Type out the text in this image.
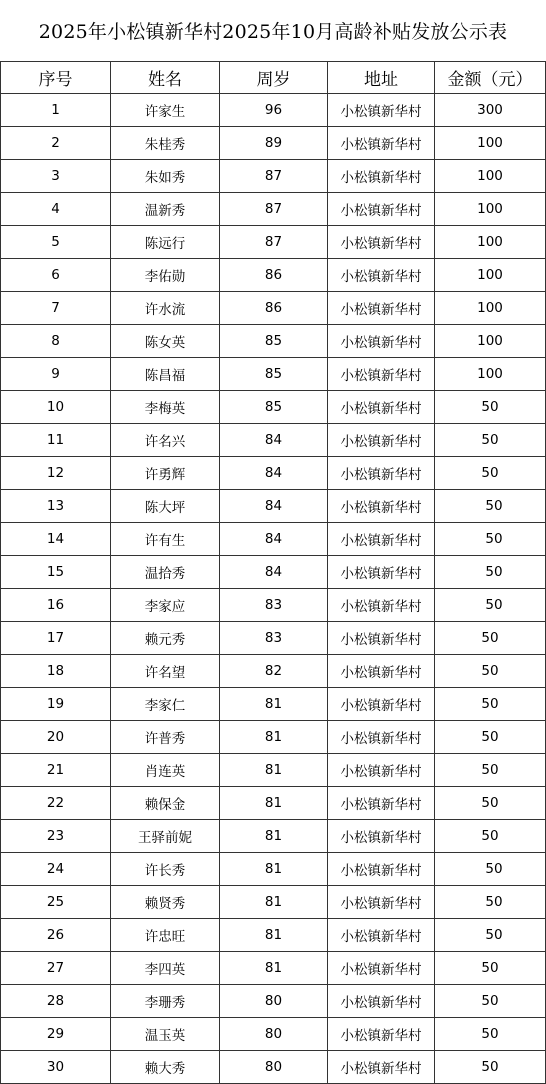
2025年小松镇新华村2025年10月高龄补贴发放公示表
序号	姓名	周岁	地址	金额（元）
1	许家生	96	小松镇新华村	300
2	朱桂秀	89	小松镇新华村	100
3	朱如秀	87	小松镇新华村	100
4	温新秀	87	小松镇新华村	100
5	陈远行	87	小松镇新华村	100
6	李佑勋	86	小松镇新华村	100
7	许水流	86	小松镇新华村	100
8	陈女英	85	小松镇新华村	100
9	陈昌福	85	小松镇新华村	100
10	李梅英	85	小松镇新华村	50
11	许名兴	84	小松镇新华村	50
12	许勇辉	84	小松镇新华村	50
13	陈大坪	84	小松镇新华村	50
14	许有生	84	小松镇新华村	50
15	温拾秀	84	小松镇新华村	50
16	李家应	83	小松镇新华村	50
17	赖元秀	83	小松镇新华村	50
18	许名望	82	小松镇新华村	50
19	李家仁	81	小松镇新华村	50
20	许普秀	81	小松镇新华村	50
21	肖连英	81	小松镇新华村	50
22	赖保金	81	小松镇新华村	50
23	王驿前妮	81	小松镇新华村	50
24	许长秀	81	小松镇新华村	50
25	赖贤秀	81	小松镇新华村	50
26	许忠旺	81	小松镇新华村	50
27	李四英	81	小松镇新华村	50
28	李珊秀	80	小松镇新华村	50
29	温玉英	80	小松镇新华村	50
30	赖大秀	80	小松镇新华村	50
